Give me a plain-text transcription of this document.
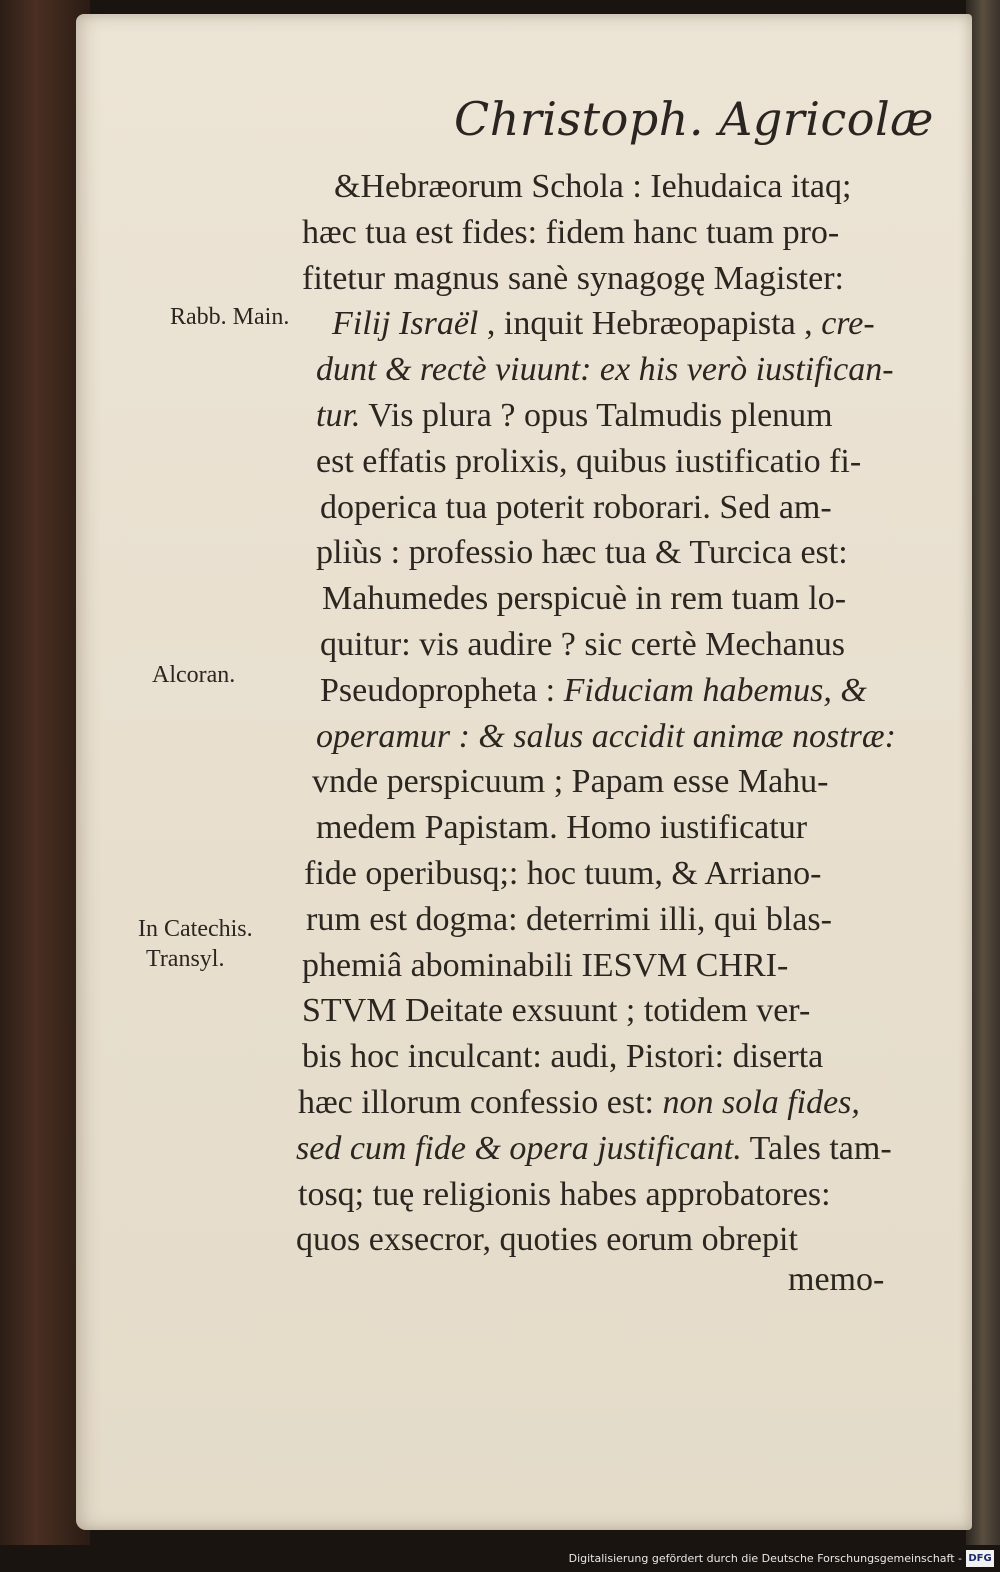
Christoph. Agricolæ
&Hebræorum Schola : Iehudaica itaq;
hæc tua est fides: fidem hanc tuam pro-
fitetur magnus sanè synagogę Magister:
Filij Israël , inquit Hebræopapista , cre-
dunt & rectè viuunt: ex his verò iustifican-
tur. Vis plura ? opus Talmudis plenum
est effatis prolixis, quibus iustificatio fi-
doperica tua poterit roborari. Sed am-
pliùs : professio hæc tua & Turcica est:
Mahumedes perspicuè in rem tuam lo-
quitur: vis audire ? sic certè Mechanus
Pseudopropheta : Fiduciam habemus, &
operamur : & salus accidit animæ nostræ:
vnde perspicuum ; Papam esse Mahu-
medem Papistam. Homo iustificatur
fide operibusq;: hoc tuum, & Arriano-
rum est dogma: deterrimi illi, qui blas-
phemiâ abominabili IESVM CHRI-
STVM Deitate exsuunt ; totidem ver-
bis hoc inculcant: audi, Pistori: diserta
hæc illorum confessio est: non sola fides,
sed cum fide & opera justificant. Tales tam-
tosq; tuę religionis habes approbatores:
quos exsecror, quoties eorum obrepit
memo-
Rabb. Main.
Alcoran.
In Catechis.
Transyl.
Digitalisierung gefördert durch die Deutsche Forschungsgemeinschaft - DFG
